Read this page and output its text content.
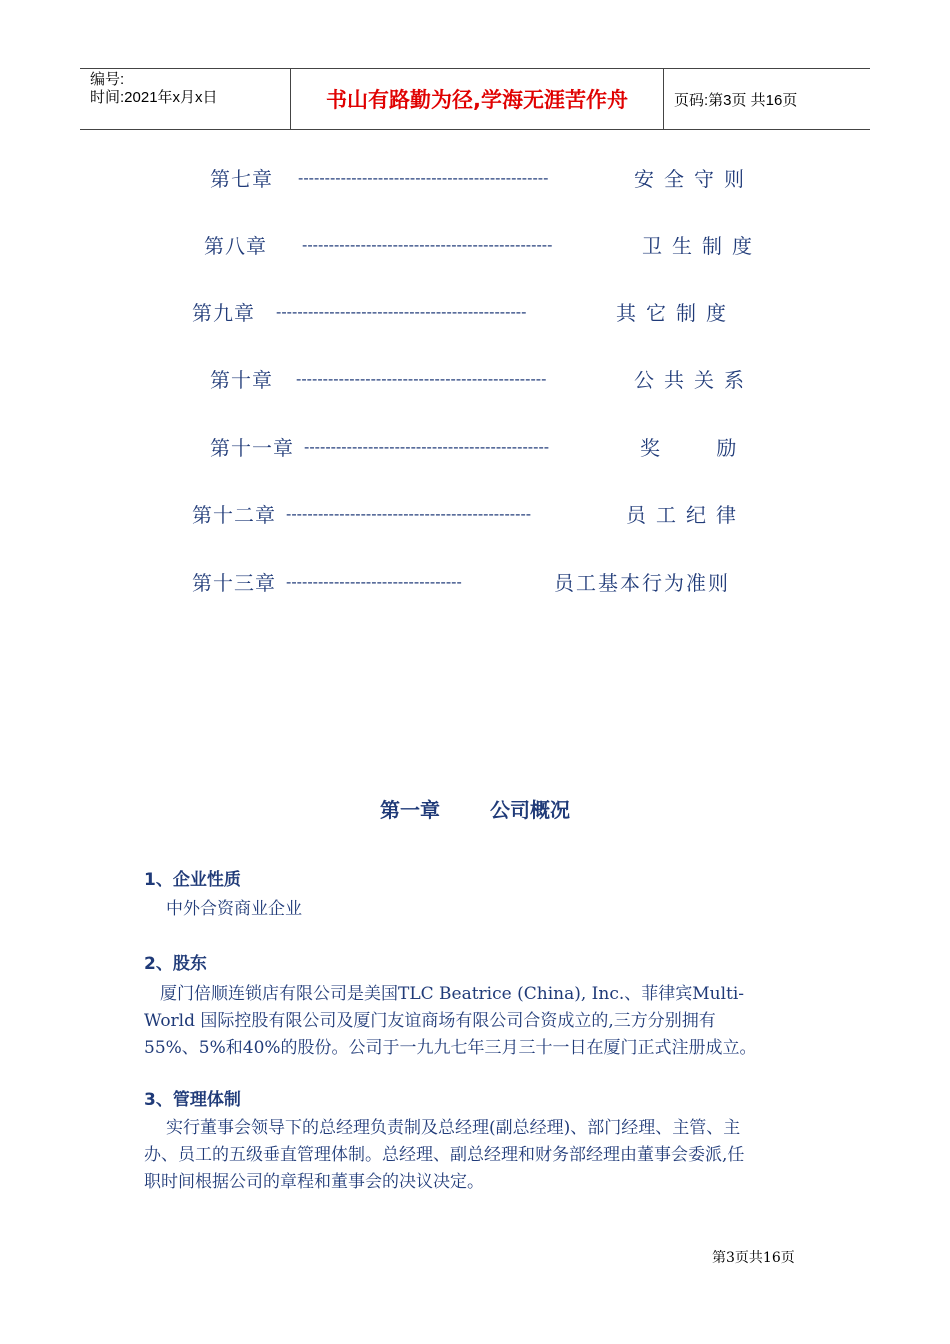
编号:
时间:2021年x月x日	书山有路勤为径,学海无涯苦作舟	页码:第3页 共16页
第七章 -----------------------------------------------	安全守则
第八章 -----------------------------------------------	卫生制度
第九章 -----------------------------------------------	其它制度
第十章 -----------------------------------------------	公共关系
第十一章 ----------------------------------------------	奖 励
第十二章 ----------------------------------------------	员工纪律
第十三章 ---------------------------------	员工基本行为准则
第一章	公司概况
1、企业性质
中外合资商业企业
2、股东
厦门倍顺连锁店有限公司是美国TLC Beatrice (China), Inc.、菲律宾Multi-
World 国际控股有限公司及厦门友谊商场有限公司合资成立的,三方分别拥有
55%、5%和40%的股份。公司于一九九七年三月三十一日在厦门正式注册成立。
3、管理体制
实行董事会领导下的总经理负责制及总经理(副总经理)、部门经理、主管、主
办、员工的五级垂直管理体制。总经理、副总经理和财务部经理由董事会委派,任
职时间根据公司的章程和董事会的决议决定。
第3页共16页
